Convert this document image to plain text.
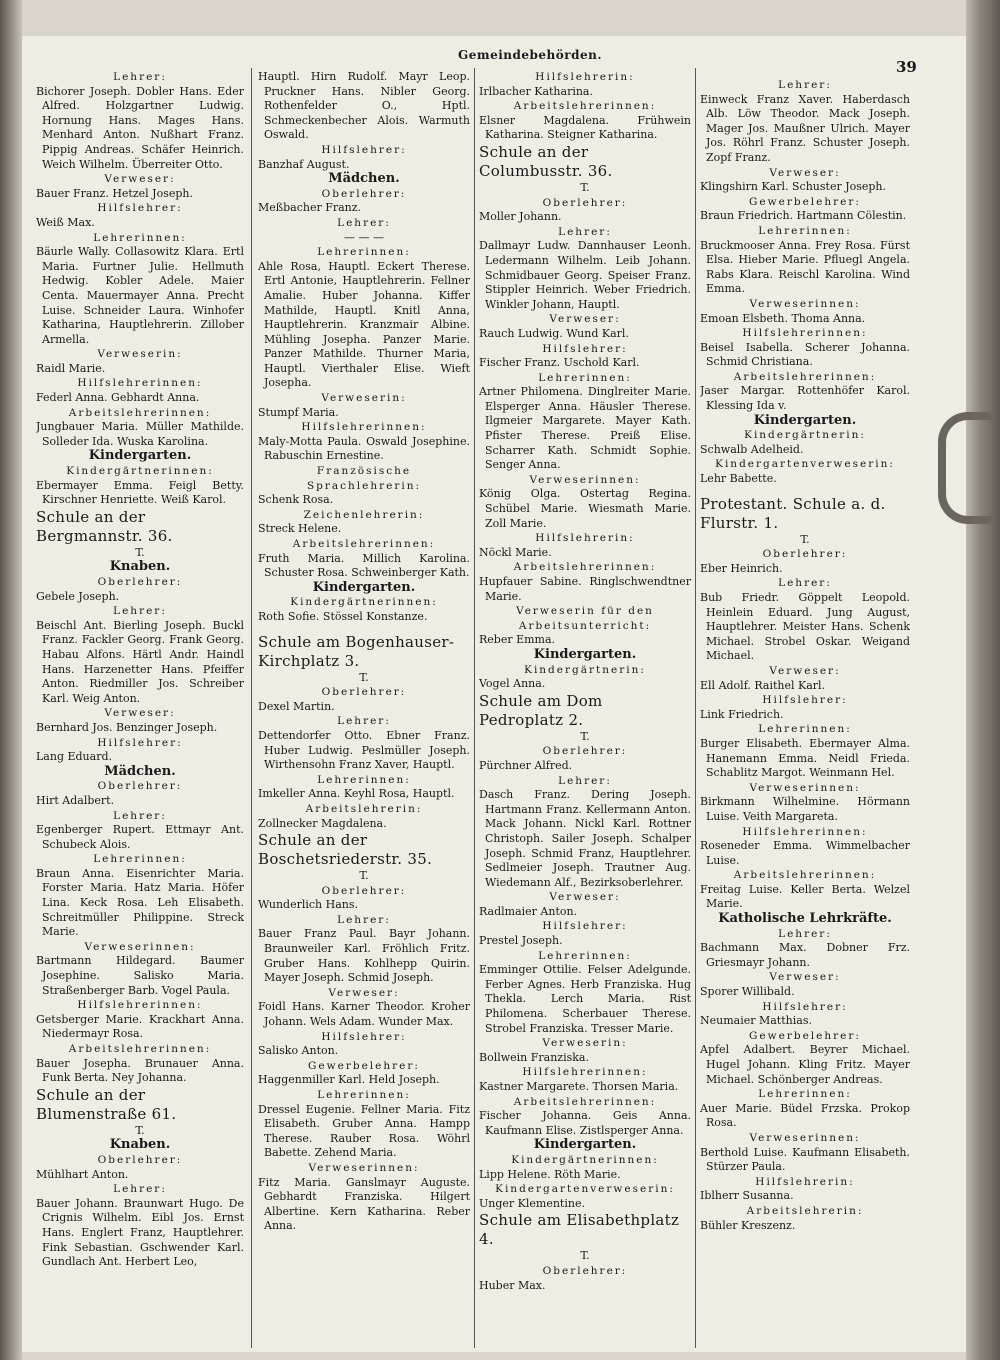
Gemeindebehörden.
39

Lehrer:

Bichorer Joseph. Dobler Hans. Eder Alfred. Holzgartner Ludwig. Hornung Hans. Mages Hans. Menhard Anton. Nußhart Franz. Pippig Andreas. Schäfer Heinrich. Weich Wilhelm. Überreiter Otto.

Verweser:

Bauer Franz. Hetzel Joseph.

Hilfslehrer:

Weiß Max.

Lehrerinnen:

Bäurle Wally. Collasowitz Klara. Ertl Maria. Furtner Julie. Hellmuth Hedwig. Kobler Adele. Maier Centa. Mauermayer Anna. Precht Luise. Schneider Laura. Winhofer Katharina, Hauptlehrerin. Zillober Armella.

Verweserin:

Raidl Marie.

Hilfslehrerinnen:

Federl Anna. Gebhardt Anna.

Arbeitslehrerinnen:

Jungbauer Maria. Müller Mathilde. Solleder Ida. Wuska Karolina.

Kindergarten.

Kindergärtnerinnen:

Ebermayer Emma. Feigl Betty. Kirschner Henriette. Weiß Karol.

Schule an der Bergmannstr. 36.

T.

Knaben.

Oberlehrer:

Gebele Joseph.

Lehrer:

Beischl Ant. Bierling Joseph. Buckl Franz. Fackler Georg. Frank Georg. Habau Alfons. Härtl Andr. Haindl Hans. Harzenetter Hans. Pfeiffer Anton. Riedmiller Jos. Schreiber Karl. Weig Anton.

Verweser:

Bernhard Jos. Benzinger Joseph.

Hilfslehrer:

Lang Eduard.

Mädchen.

Oberlehrer:

Hirt Adalbert.

Lehrer:

Egenberger Rupert. Ettmayr Ant. Schubeck Alois.

Lehrerinnen:

Braun Anna. Eisenrichter Maria. Forster Maria. Hatz Maria. Höfer Lina. Keck Rosa. Leh Elisabeth. Schreitmüller Philippine. Streck Marie.

Verweserinnen:

Bartmann Hildegard. Baumer Josephine. Salisko Maria. Straßenberger Barb. Vogel Paula.

Hilfslehrerinnen:

Getsberger Marie. Krackhart Anna. Niedermayr Rosa.

Arbeitslehrerinnen:

Bauer Josepha. Brunauer Anna. Funk Berta. Ney Johanna.

Schule an der Blumenstraße 61.

T.

Knaben.

Oberlehrer:

Mühlhart Anton.

Lehrer:

Bauer Johann. Braunwart Hugo. De Crignis Wilhelm. Eibl Jos. Ernst Hans. Englert Franz, Hauptlehrer. Fink Sebastian. Gschwender Karl. Gundlach Ant. Herbert Leo,

Hauptl. Hirn Rudolf. Mayr Leop. Pruckner Hans. Nibler Georg. Rothenfelder O., Hptl. Schmeckenbecher Alois. Warmuth Oswald.

Hilfslehrer:

Banzhaf August.

Mädchen.

Oberlehrer:

Meßbacher Franz.

Lehrer:

— — —

Lehrerinnen:

Ahle Rosa, Hauptl. Eckert Therese. Ertl Antonie, Hauptlehrerin. Fellner Amalie. Huber Johanna. Kiffer Mathilde, Hauptl. Knitl Anna, Hauptlehrerin. Kranzmair Albine. Mühling Josepha. Panzer Marie. Panzer Mathilde. Thurner Maria, Hauptl. Vierthaler Elise. Wieft Josepha.

Verweserin:

Stumpf Maria.

Hilfslehrerinnen:

Maly-Motta Paula. Oswald Josephine. Rabuschin Ernestine.

Französische Sprachlehrerin:

Schenk Rosa.

Zeichenlehrerin:

Streck Helene.

Arbeitslehrerinnen:

Fruth Maria. Millich Karolina. Schuster Rosa. Schweinberger Kath.

Kindergarten.

Kindergärtnerinnen:

Roth Sofie. Stössel Konstanze.

Schule am Bogenhauser-Kirchplatz 3.

T.

Oberlehrer:

Dexel Martin.

Lehrer:

Dettendorfer Otto. Ebner Franz. Huber Ludwig. Peslmüller Joseph. Wirthensohn Franz Xaver, Hauptl.

Lehrerinnen:

Imkeller Anna. Keyhl Rosa, Hauptl.

Arbeitslehrerin:

Zollnecker Magdalena.

Schule an der Boschetsriederstr. 35.

T.

Oberlehrer:

Wunderlich Hans.

Lehrer:

Bauer Franz Paul. Bayr Johann. Braunweiler Karl. Fröhlich Fritz. Gruber Hans. Kohlhepp Quirin. Mayer Joseph. Schmid Joseph.

Verweser:

Foidl Hans. Karner Theodor. Kroher Johann. Wels Adam. Wunder Max.

Hilfslehrer:

Salisko Anton.

Gewerbelehrer:

Haggenmiller Karl. Held Joseph.

Lehrerinnen:

Dressel Eugenie. Fellner Maria. Fitz Elisabeth. Gruber Anna. Hampp Therese. Rauber Rosa. Wöhrl Babette. Zehend Maria.

Verweserinnen:

Fitz Maria. Ganslmayr Auguste. Gebhardt Franziska. Hilgert Albertine. Kern Katharina. Reber Anna.

Hilfslehrerin:

Irlbacher Katharina.

Arbeitslehrerinnen:

Elsner Magdalena. Frühwein Katharina. Steigner Katharina.

Schule an der Columbusstr. 36.

T.

Oberlehrer:

Moller Johann.

Lehrer:

Dallmayr Ludw. Dannhauser Leonh. Ledermann Wilhelm. Leib Johann. Schmidbauer Georg. Speiser Franz. Stippler Heinrich. Weber Friedrich. Winkler Johann, Hauptl.

Verweser:

Rauch Ludwig. Wund Karl.

Hilfslehrer:

Fischer Franz. Uschold Karl.

Lehrerinnen:

Artner Philomena. Dinglreiter Marie. Elsperger Anna. Häusler Therese. Ilgmeier Margarete. Mayer Kath. Pfister Therese. Preiß Elise. Scharrer Kath. Schmidt Sophie. Senger Anna.

Verweserinnen:

König Olga. Ostertag Regina. Schübel Marie. Wiesmath Marie. Zoll Marie.

Hilfslehrerin:

Nöckl Marie.

Arbeitslehrerinnen:

Hupfauer Sabine. Ringlschwendtner Marie.

Verweserin für den Arbeitsunterricht:

Reber Emma.

Kindergarten.

Kindergärtnerin:

Vogel Anna.

Schule am Dom Pedroplatz 2.

T.

Oberlehrer:

Pürchner Alfred.

Lehrer:

Dasch Franz. Dering Joseph. Hartmann Franz. Kellermann Anton. Mack Johann. Nickl Karl. Rottner Christoph. Sailer Joseph. Schalper Joseph. Schmid Franz, Hauptlehrer. Sedlmeier Joseph. Trautner Aug. Wiedemann Alf., Bezirksoberlehrer.

Verweser:

Radlmaier Anton.

Hilfslehrer:

Prestel Joseph.

Lehrerinnen:

Emminger Ottilie. Felser Adelgunde. Ferber Agnes. Herb Franziska. Hug Thekla. Lerch Maria. Rist Philomena. Scherbauer Therese. Strobel Franziska. Tresser Marie.

Verweserin:

Bollwein Franziska.

Hilfslehrerinnen:

Kastner Margarete. Thorsen Maria.

Arbeitslehrerinnen:

Fischer Johanna. Geis Anna. Kaufmann Elise. Zistlsperger Anna.

Kindergarten.

Kindergärtnerinnen:

Lipp Helene. Röth Marie.

Kindergartenverweserin:

Unger Klementine.

Schule am Elisabethplatz 4.

T.

Oberlehrer:

Huber Max.

Lehrer:

Einweck Franz Xaver. Haberdasch Alb. Löw Theodor. Mack Joseph. Mager Jos. Maußner Ulrich. Mayer Jos. Röhrl Franz. Schuster Joseph. Zopf Franz.

Verweser:

Klingshirn Karl. Schuster Joseph.

Gewerbelehrer:

Braun Friedrich. Hartmann Cölestin.

Lehrerinnen:

Bruckmooser Anna. Frey Rosa. Fürst Elsa. Hieber Marie. Pfluegl Angela. Rabs Klara. Reischl Karolina. Wind Emma.

Verweserinnen:

Emoan Elsbeth. Thoma Anna.

Hilfslehrerinnen:

Beisel Isabella. Scherer Johanna. Schmid Christiana.

Arbeitslehrerinnen:

Jaser Margar. Rottenhöfer Karol. Klessing Ida v.

Kindergarten.

Kindergärtnerin:

Schwalb Adelheid.

Kindergartenverweserin:

Lehr Babette.

Protestant. Schule a. d. Flurstr. 1.

T.

Oberlehrer:

Eber Heinrich.

Lehrer:

Bub Friedr. Göppelt Leopold. Heinlein Eduard. Jung August, Hauptlehrer. Meister Hans. Schenk Michael. Strobel Oskar. Weigand Michael.

Verweser:

Ell Adolf. Raithel Karl.

Hilfslehrer:

Link Friedrich.

Lehrerinnen:

Burger Elisabeth. Ebermayer Alma. Hanemann Emma. Neidl Frieda. Schablitz Margot. Weinmann Hel.

Verweserinnen:

Birkmann Wilhelmine. Hörmann Luise. Veith Margareta.

Hilfslehrerinnen:

Roseneder Emma. Wimmelbacher Luise.

Arbeitslehrerinnen:

Freitag Luise. Keller Berta. Welzel Marie.

Katholische Lehrkräfte.

Lehrer:

Bachmann Max. Dobner Frz. Griesmayr Johann.

Verweser:

Sporer Willibald.

Hilfslehrer:

Neumaier Matthias.

Gewerbelehrer:

Apfel Adalbert. Beyrer Michael. Hugel Johann. Kling Fritz. Mayer Michael. Schönberger Andreas.

Lehrerinnen:

Auer Marie. Büdel Frzska. Prokop Rosa.

Verweserinnen:

Berthold Luise. Kaufmann Elisabeth. Stürzer Paula.

Hilfslehrerin:

Iblherr Susanna.

Arbeitslehrerin:

Bühler Kreszenz.
